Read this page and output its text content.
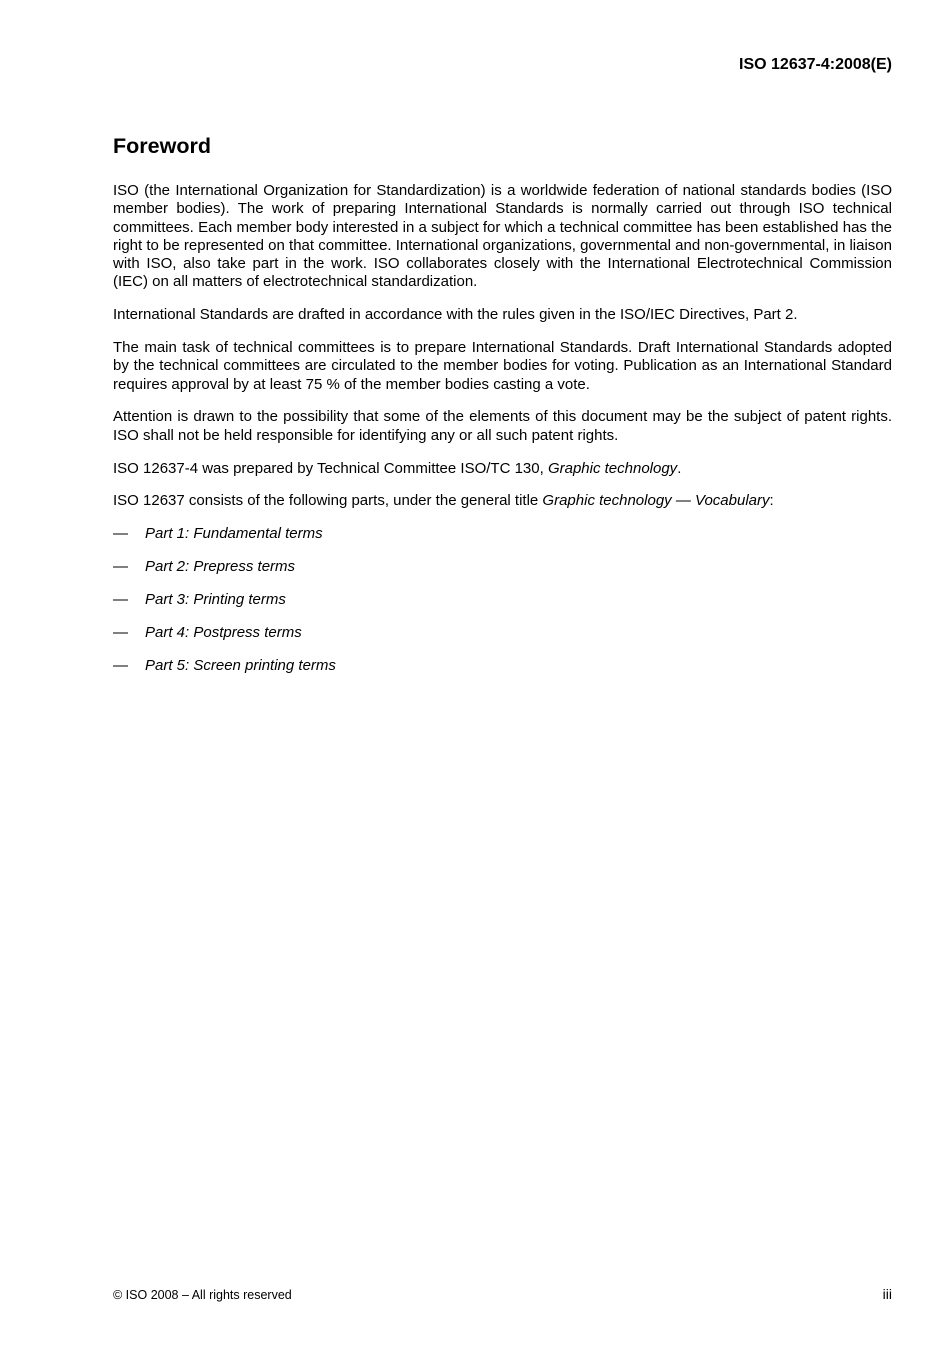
ISO 12637-4:2008(E)
Foreword

ISO (the International Organization for Standardization) is a worldwide federation of national standards bodies (ISO member bodies). The work of preparing International Standards is normally carried out through ISO technical committees. Each member body interested in a subject for which a technical committee has been established has the right to be represented on that committee. International organizations, governmental and non-governmental, in liaison with ISO, also take part in the work. ISO collaborates closely with the International Electrotechnical Commission (IEC) on all matters of electrotechnical standardization.

International Standards are drafted in accordance with the rules given in the ISO/IEC Directives, Part 2.

The main task of technical committees is to prepare International Standards. Draft International Standards adopted by the technical committees are circulated to the member bodies for voting. Publication as an International Standard requires approval by at least 75 % of the member bodies casting a vote.

Attention is drawn to the possibility that some of the elements of this document may be the subject of patent rights. ISO shall not be held responsible for identifying any or all such patent rights.

ISO 12637-4 was prepared by Technical Committee ISO/TC 130, Graphic technology.

ISO 12637 consists of the following parts, under the general title Graphic technology — Vocabulary:

—	Part 1: Fundamental terms
—	Part 2: Prepress terms
—	Part 3: Printing terms
—	Part 4: Postpress terms
—	Part 5: Screen printing terms
© ISO 2008 – All rights reserved	iii
